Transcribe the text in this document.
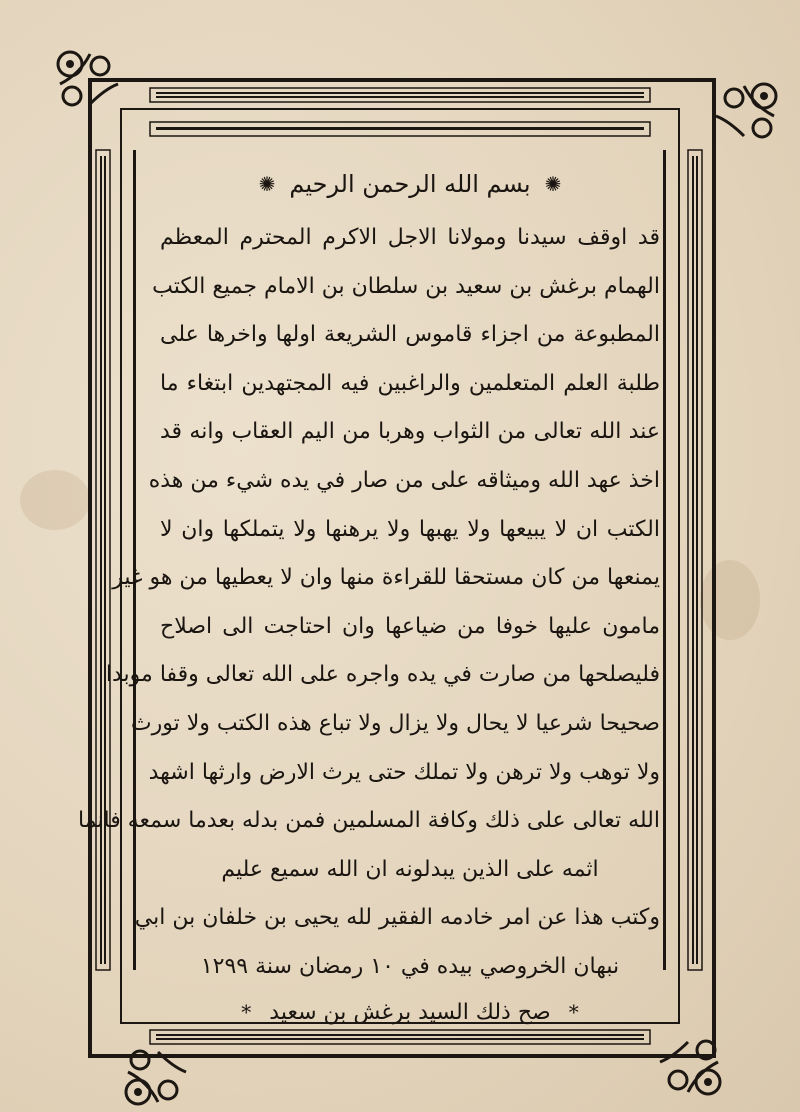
✺
بسم الله الرحمن الرحيم
✺
قد اوقف سيدنا ومولانا الاجل الاكرم المحترم المعظم
الهمام برغش بن سعيد بن سلطان بن الامام جميع الكتب
المطبوعة من اجزاء قاموس الشريعة اولها واخرها على
طلبة العلم المتعلمين والراغبين فيه المجتهدين ابتغاء ما
عند الله تعالى من الثواب وهربا من اليم العقاب وانه قد
اخذ عهد الله وميثاقه على من صار في يده شيء من هذه
الكتب ان لا يبيعها ولا يهبها ولا يرهنها ولا يتملكها وان لا
يمنعها من كان مستحقا للقراءة منها وان لا يعطيها من هو غير
مامون عليها خوفا من ضياعها وان احتاجت الى اصلاح
فليصلحها من صارت في يده واجره على الله تعالى وقفا موبدا
صحيحا شرعيا لا يحال ولا يزال ولا تباع هذه الكتب ولا تورث
ولا توهب ولا ترهن ولا تملك حتى يرث الارض وارثها اشهد
الله تعالى على ذلك وكافة المسلمين فمن بدله بعدما سمعه فانما
اثمه على الذين يبدلونه ان الله سميع عليم
وكتب هذا عن امر خادمه الفقير لله يحيى بن خلفان بن ابي
نبهان الخروصي بيده في ١٠ رمضان سنة ١٢٩٩
*
صح ذلك السيد برغش بن سعيد
*
